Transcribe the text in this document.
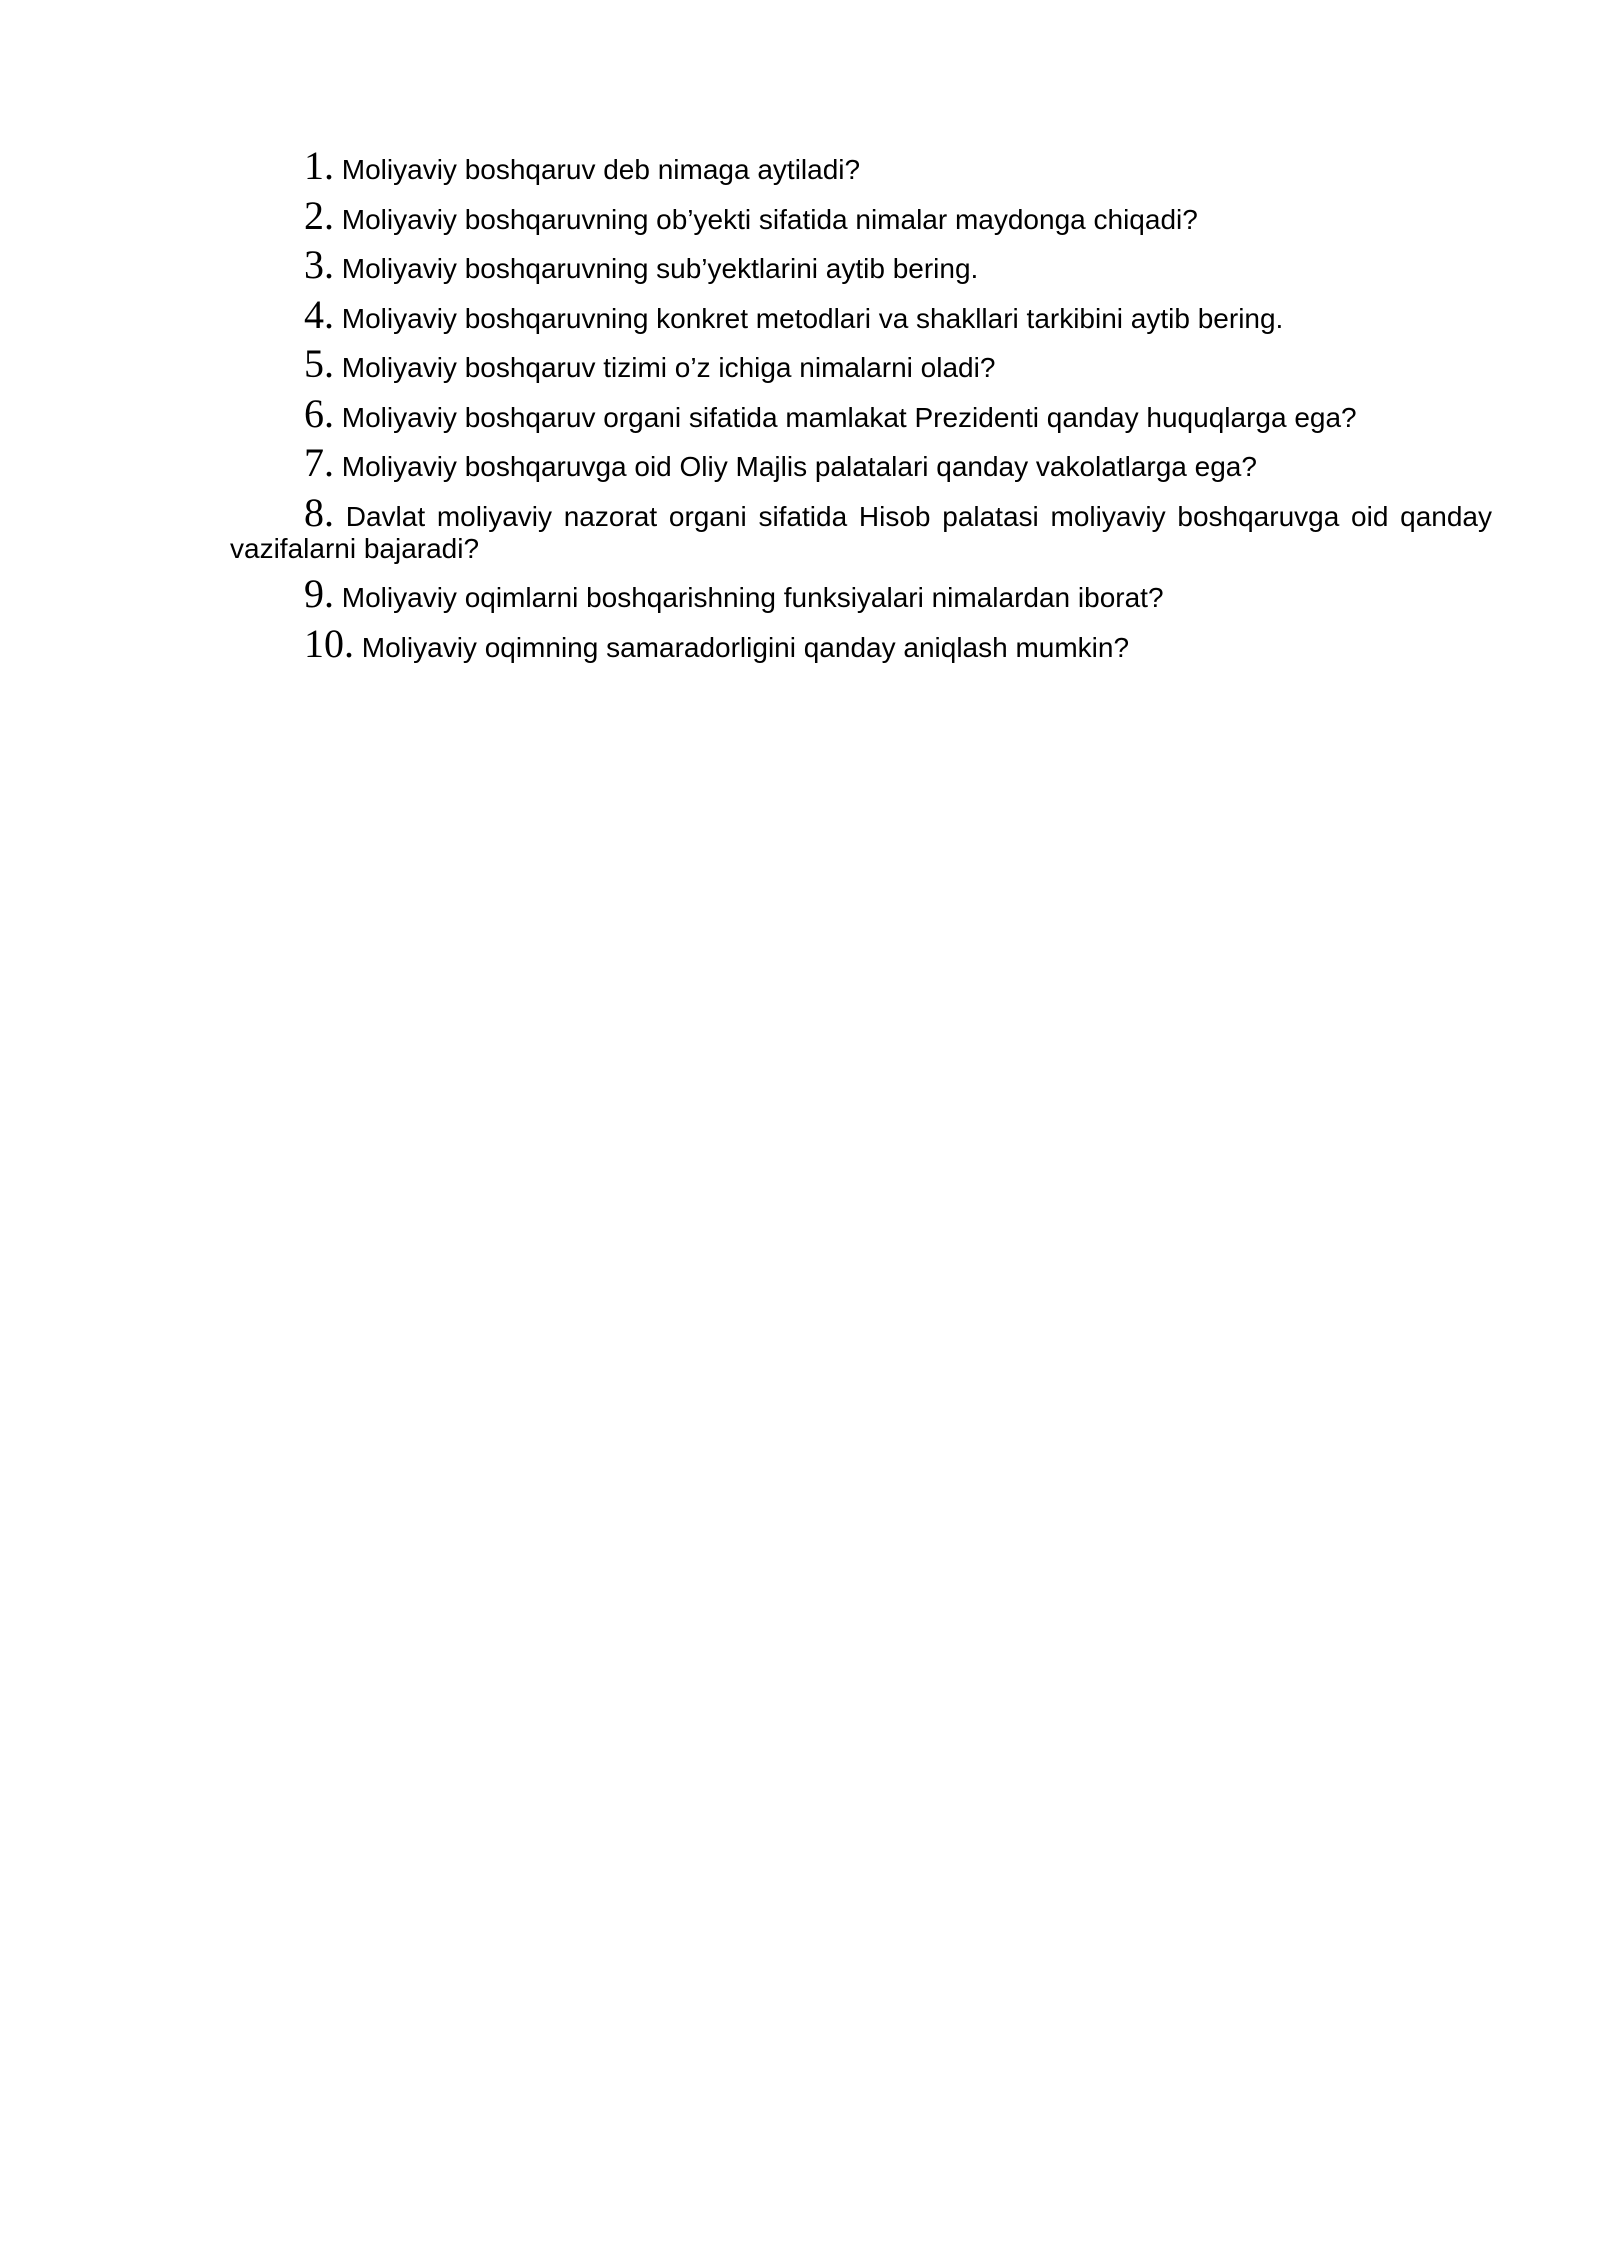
1. Moliyaviy boshqaruv deb nimaga aytiladi?
2. Moliyaviy boshqaruvning ob’yekti sifatida nimalar maydonga chiqadi?
3. Moliyaviy boshqaruvning sub’yektlarini aytib bering.
4. Moliyaviy boshqaruvning konkret metodlari va shakllari tarkibini aytib bering.
5. Moliyaviy boshqaruv tizimi o’z ichiga nimalarni oladi?
6. Moliyaviy boshqaruv organi sifatida mamlakat Prezidenti qanday huquqlarga ega?
7. Moliyaviy boshqaruvga oid Oliy Majlis palatalari qanday vakolatlarga ega?
8. Davlat moliyaviy nazorat organi sifatida Hisob palatasi moliyaviy boshqaruvga oid qanday vazifalarni bajaradi?
9. Moliyaviy oqimlarni boshqarishning funksiyalari nimalardan iborat?
10. Moliyaviy oqimning samaradorligini qanday aniqlash mumkin?
